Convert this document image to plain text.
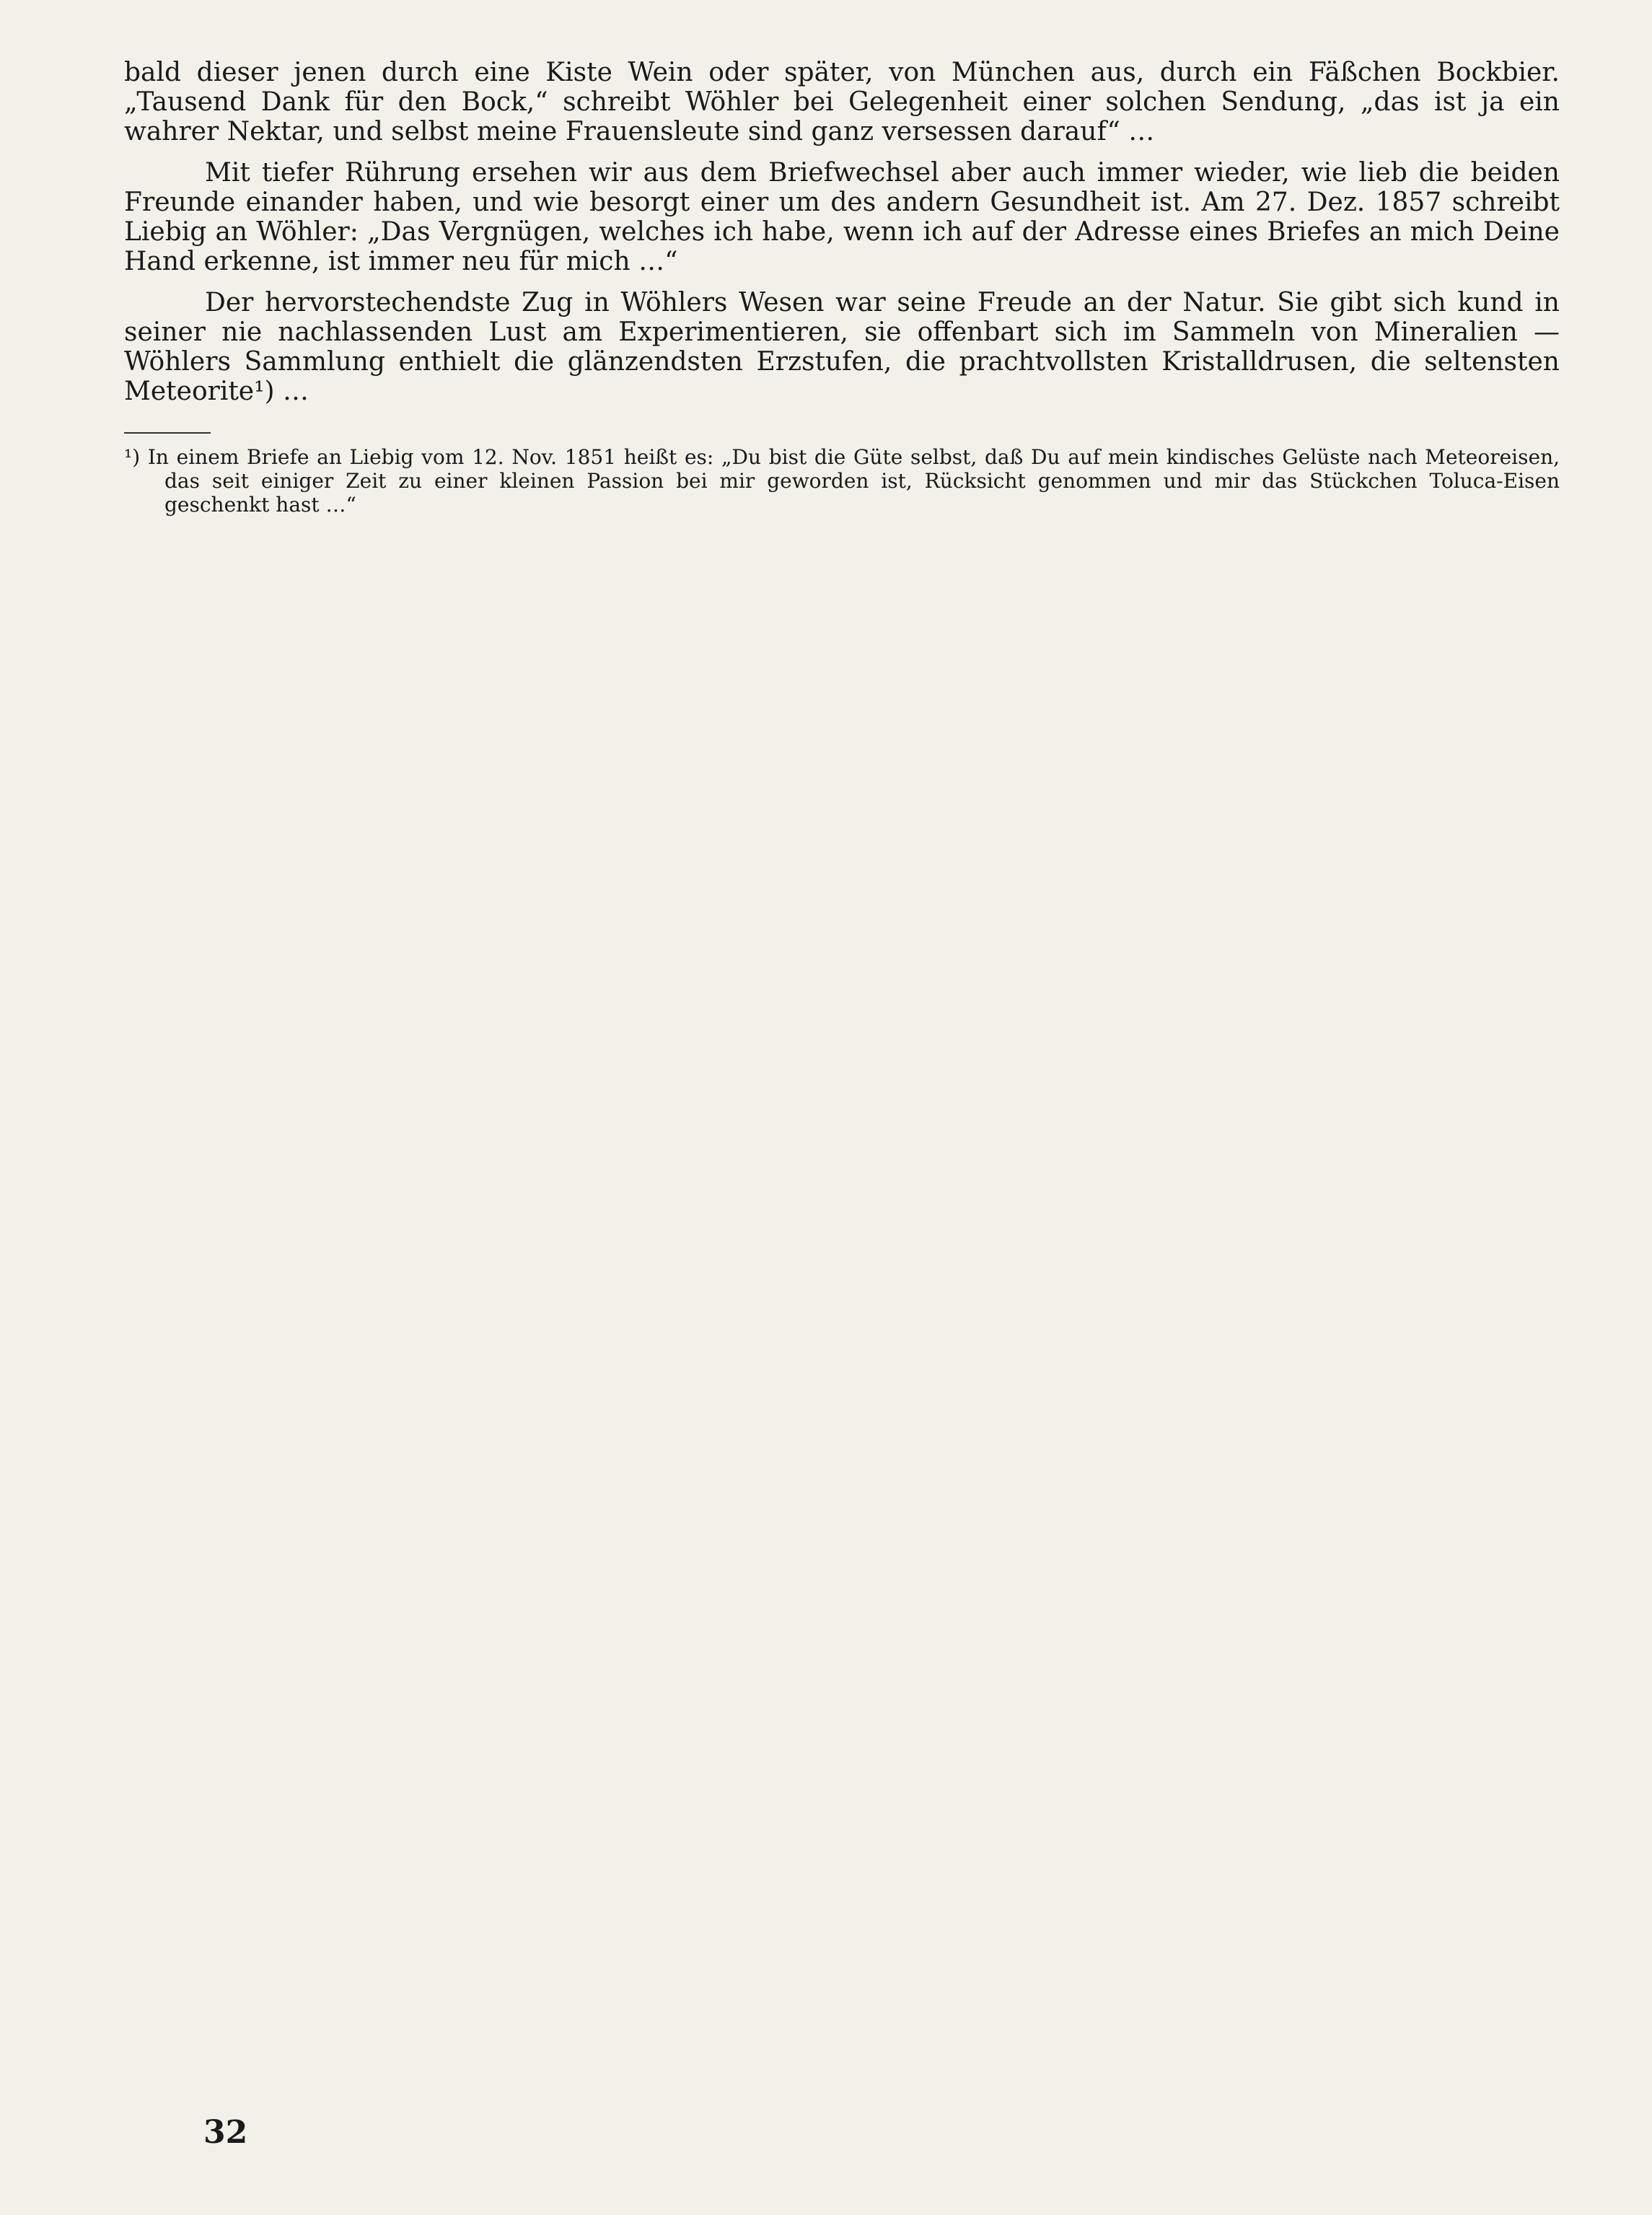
bald dieser jenen durch eine Kiste Wein oder später, von München aus, durch ein Fäßchen Bockbier. „Tausend Dank für den Bock,“ schreibt Wöhler bei Gelegenheit einer solchen Sendung, „das ist ja ein wahrer Nektar, und selbst meine Frauensleute sind ganz versessen darauf“ …

Mit tiefer Rührung ersehen wir aus dem Briefwechsel aber auch immer wieder, wie lieb die beiden Freunde einander haben, und wie besorgt einer um des andern Gesundheit ist. Am 27. Dez. 1857 schreibt Liebig an Wöhler: „Das Vergnügen, welches ich habe, wenn ich auf der Adresse eines Briefes an mich Deine Hand erkenne, ist immer neu für mich …“

Der hervorstechendste Zug in Wöhlers Wesen war seine Freude an der Natur. Sie gibt sich kund in seiner nie nachlassenden Lust am Experimentieren, sie offenbart sich im Sammeln von Mineralien — Wöhlers Sammlung enthielt die glänzendsten Erzstufen, die prachtvollsten Kristalldrusen, die seltensten Meteorite¹) …

¹) In einem Briefe an Liebig vom 12. Nov. 1851 heißt es: „Du bist die Güte selbst, daß Du auf mein kindisches Gelüste nach Meteoreisen, das seit einiger Zeit zu einer kleinen Passion bei mir geworden ist, Rücksicht genommen und mir das Stückchen Toluca-Eisen geschenkt hast …“

32
